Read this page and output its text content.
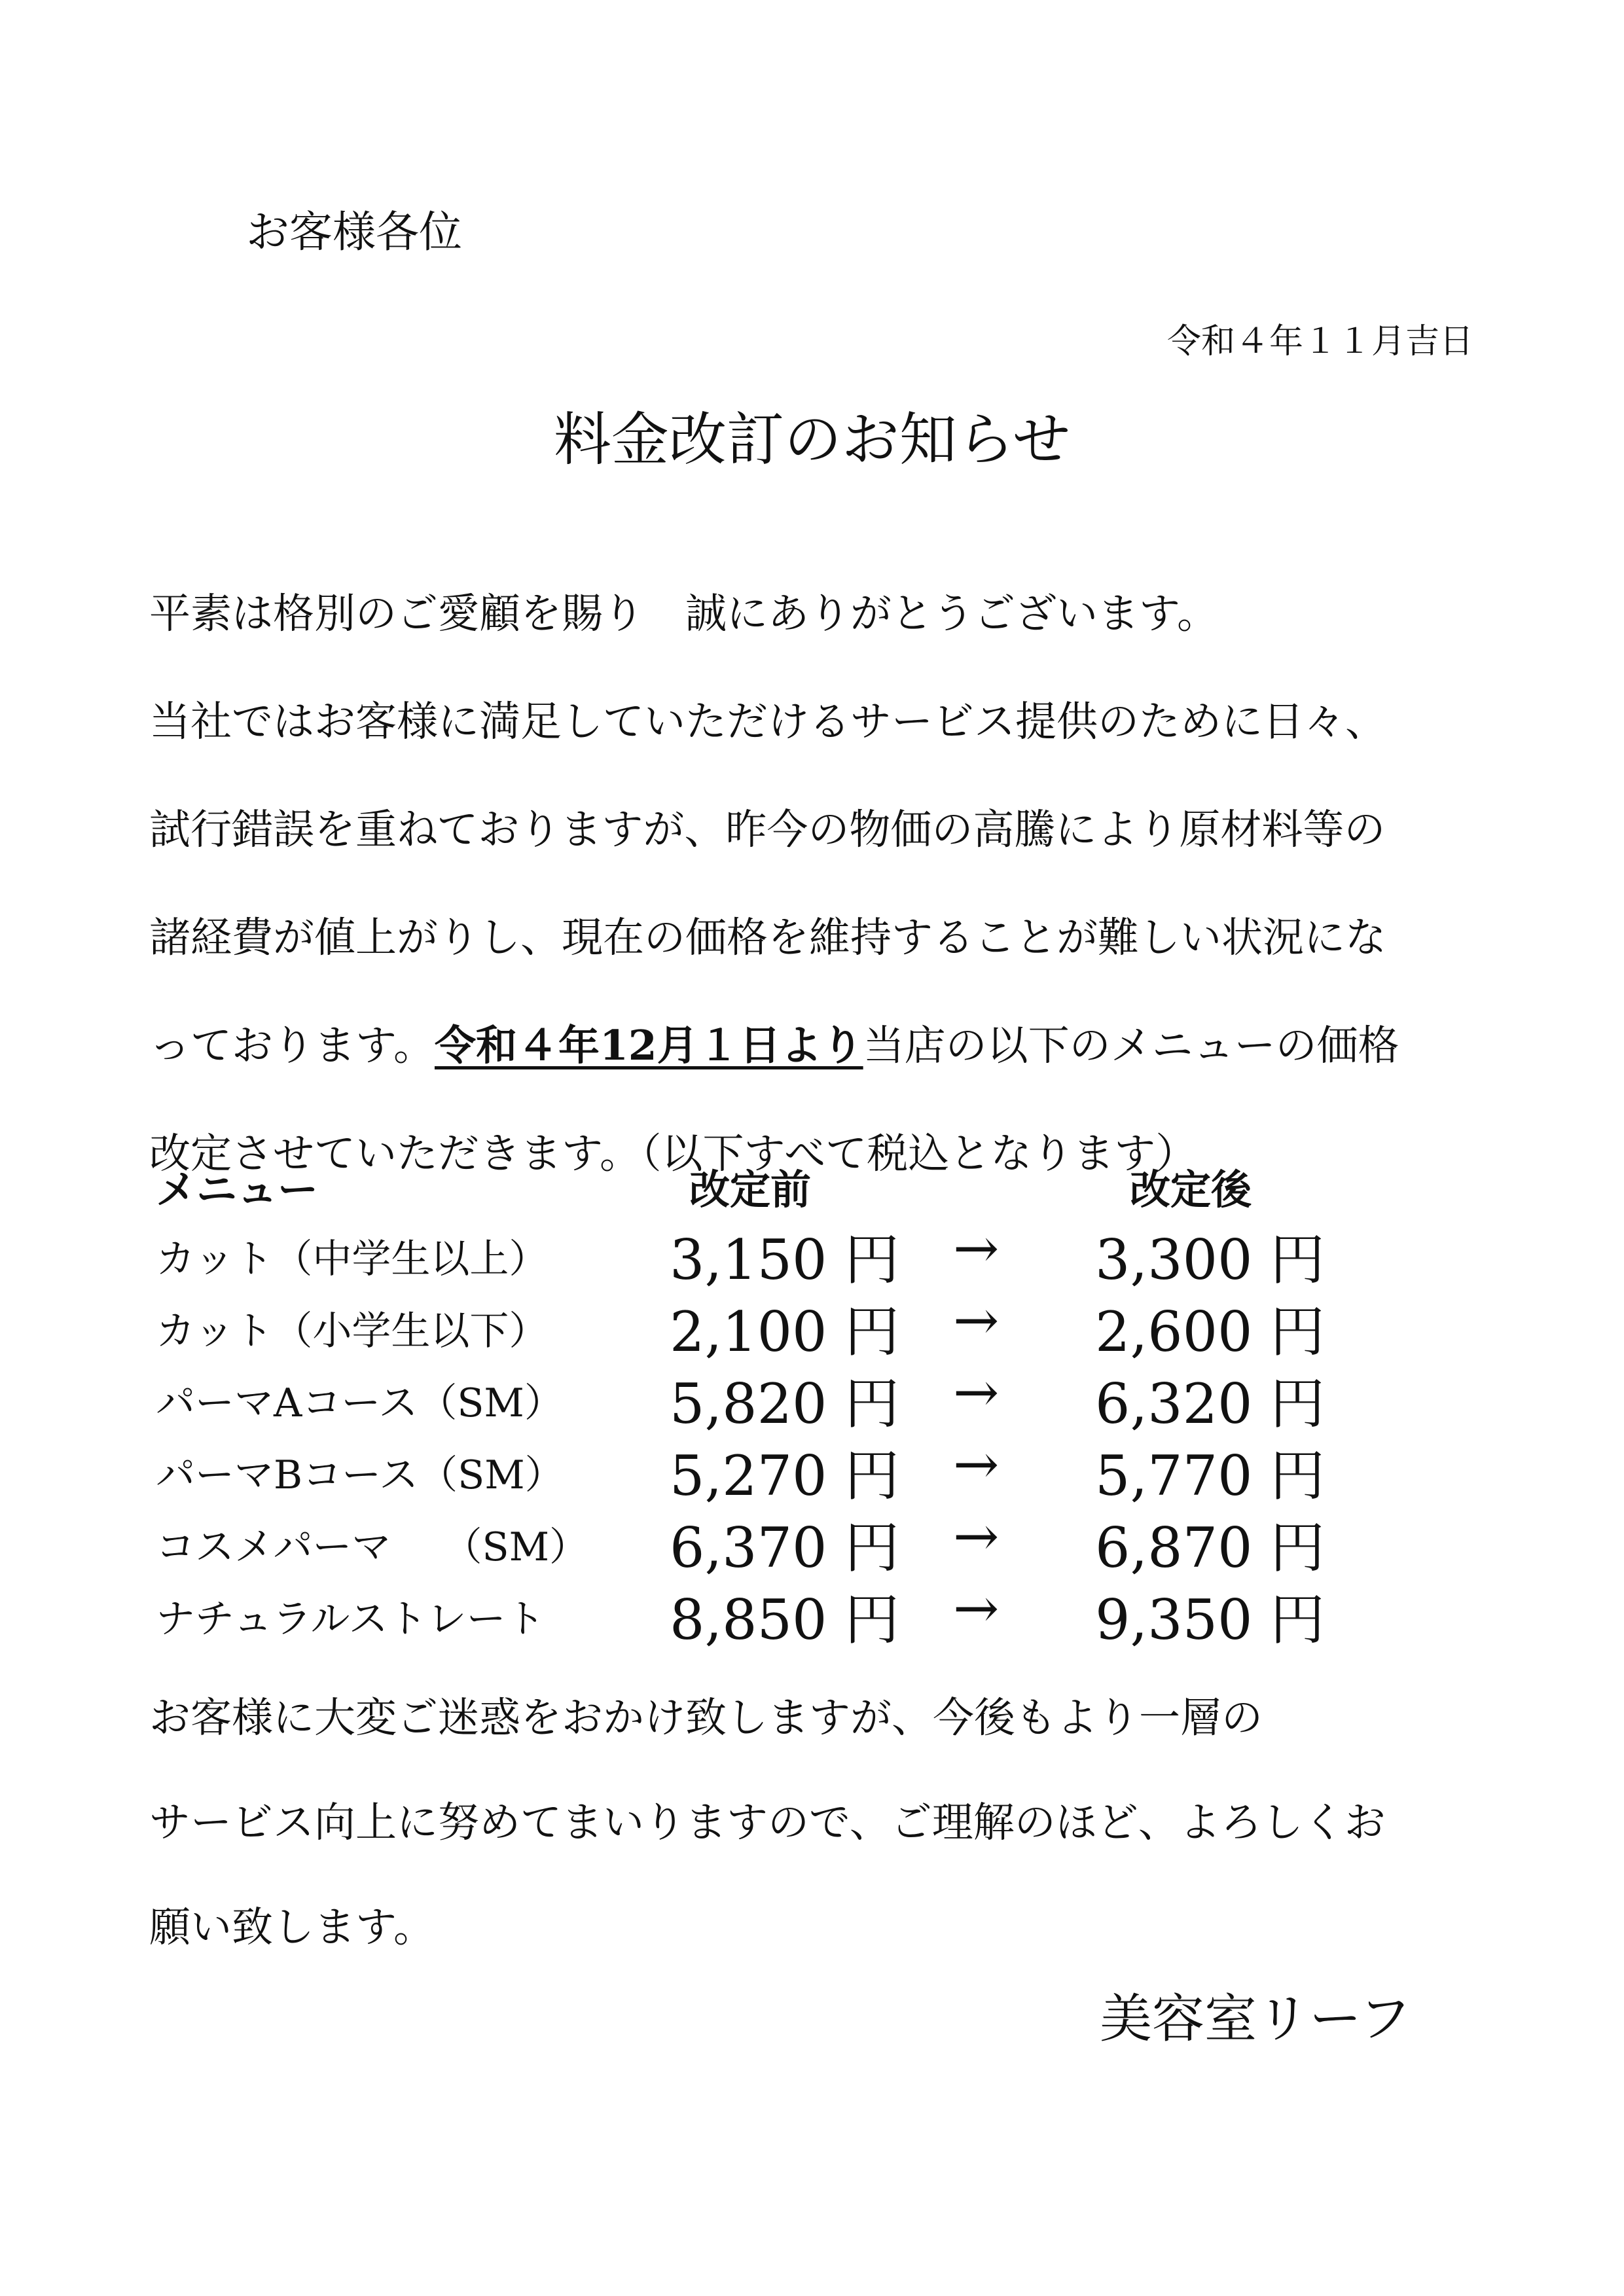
お客様各位
令和４年１１月吉日
料金改訂のお知らせ
平素は格別のご愛顧を賜り　誠にありがとうございます。
当社ではお客様に満足していただけるサービス提供のために日々、
試行錯誤を重ねておりますが、昨今の物価の高騰により原材料等の
諸経費が値上がりし、現在の価格を維持することが難しい状況にな
っております。令和４年12月１日より当店の以下のメニューの価格
改定させていただきます。（以下すべて税込となります）
メニュー	改定前	改定後
カット（中学生以上） 3,150 円 → 3,300 円
カット（小学生以下） 2,100 円 → 2,600 円
パーマAコース（SM） 5,820 円 → 6,320 円
パーマBコース（SM） 5,270 円 → 5,770 円
コスメパーマ　 （SM） 6,370 円 → 6,870 円
ナチュラルストレート 8,850 円 → 9,350 円
お客様に大変ご迷惑をおかけ致しますが、今後もより一層の
サービス向上に努めてまいりますので、ご理解のほど、よろしくお
願い致します。
美容室リーフ
